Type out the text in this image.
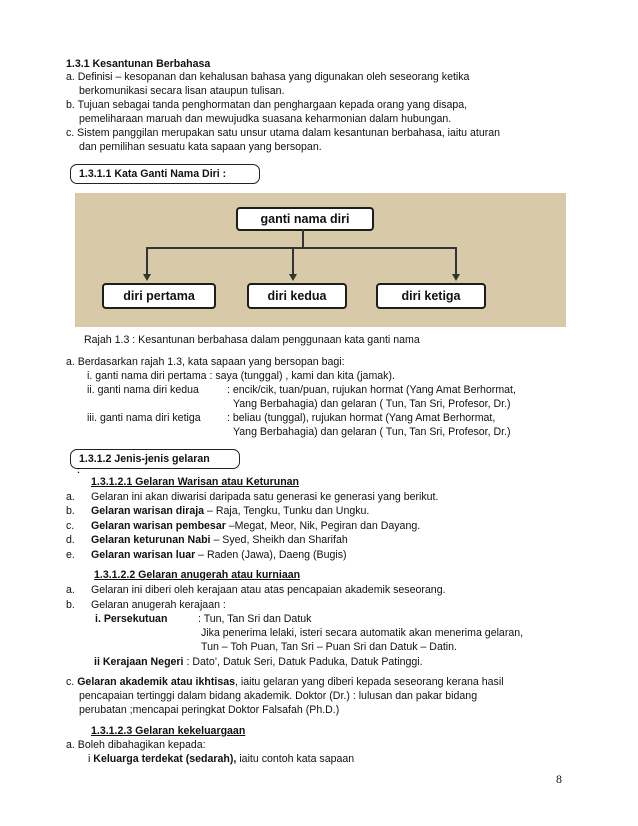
1.3.1 Kesantunan Berbahasa
a. Definisi – kesopanan dan kehalusan bahasa yang digunakan oleh seseorang ketika
berkomunikasi secara lisan ataupun tulisan.
b. Tujuan sebagai tanda penghormatan dan penghargaan kepada orang yang disapa,
pemeliharaan maruah dan mewujudka suasana keharmonian dalam hubungan.
c. Sistem panggilan merupakan satu unsur utama dalam kesantunan berbahasa, iaitu aturan
dan pemilihan sesuatu kata sapaan yang bersopan.
1.3.1.1 Kata Ganti Nama Diri :
ganti nama diri
diri pertama	diri kedua	diri ketiga
Rajah 1.3 : Kesantunan berbahasa dalam penggunaan kata ganti nama
a. Berdasarkan rajah 1.3, kata sapaan yang bersopan bagi:
i. ganti nama diri pertama : saya (tunggal) , kami dan kita (jamak).
ii. ganti nama diri kedua	: encik/cik, tuan/puan, rujukan hormat (Yang Amat Berhormat,
Yang Berbahagia) dan gelaran ( Tun, Tan Sri, Profesor, Dr.)
iii. ganti nama diri ketiga : beliau (tunggal), rujukan hormat (Yang Amat Berhormat,
Yang Berbahagia) dan gelaran ( Tun, Tan Sri, Profesor, Dr.)
1.3.1.2 Jenis-jenis gelaran
:
1.3.1.2.1 Gelaran Warisan atau Keturunan
a. Gelaran ini akan diwarisi daripada satu generasi ke generasi yang berikut.
b. Gelaran warisan diraja – Raja, Tengku, Tunku dan Ungku.
c. Gelaran warisan pembesar –Megat, Meor, Nik, Pegiran dan Dayang.
d. Gelaran keturunan Nabi – Syed, Sheikh dan Sharifah
e. Gelaran warisan luar – Raden (Jawa), Daeng (Bugis)
1.3.1.2.2 Gelaran anugerah atau kurniaan
a. Gelaran ini diberi oleh kerajaan atau atas pencapaian akademik seseorang.
b. Gelaran anugerah kerajaan :
i. Persekutuan	: Tun, Tan Sri dan Datuk
Jika penerima lelaki, isteri secara automatik akan menerima gelaran,
Tun – Toh Puan, Tan Sri – Puan Sri dan Datuk – Datin.
ii Kerajaan Negeri : Dato’, Datuk Seri, Datuk Paduka, Datuk Patinggi.
c. Gelaran akademik atau ikhtisas, iaitu gelaran yang diberi kepada seseorang kerana hasil
pencapaian tertinggi dalam bidang akademik. Doktor (Dr.) : lulusan dan pakar bidang
perubatan ;mencapai peringkat Doktor Falsafah (Ph.D.)
1.3.1.2.3 Gelaran kekeluargaan
a. Boleh dibahagikan kepada:
i Keluarga terdekat (sedarah), iaitu contoh kata sapaan
8
